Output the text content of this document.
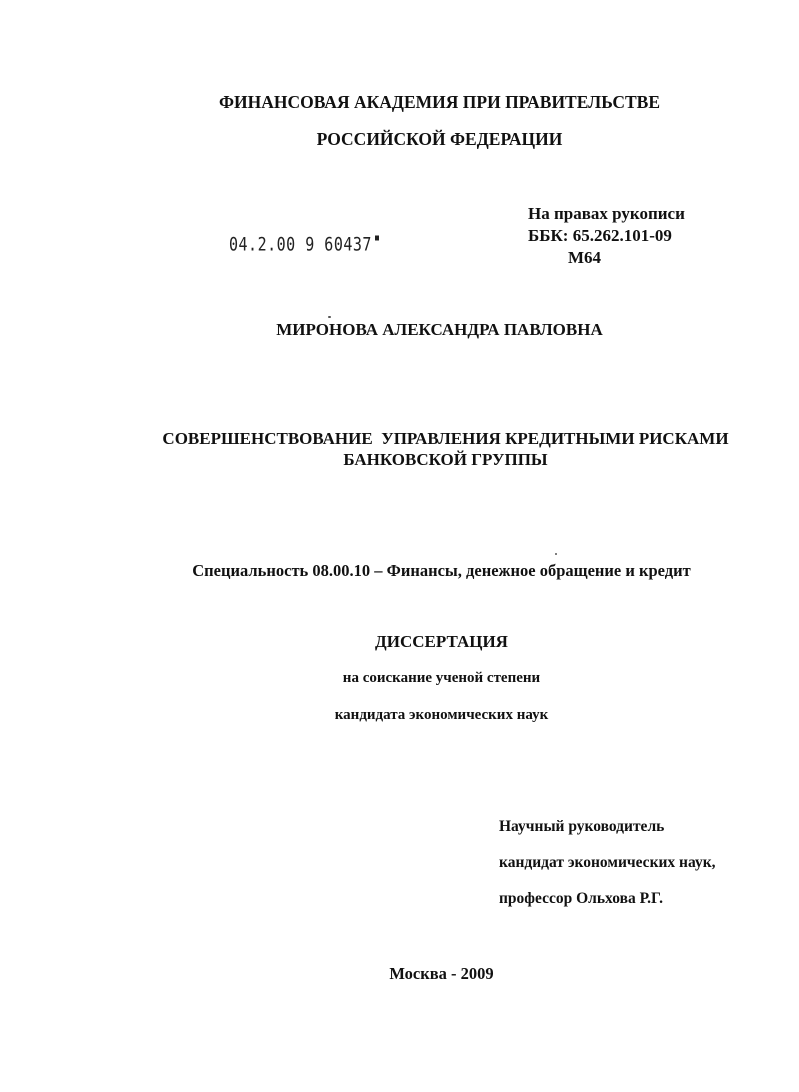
ФИНАНСОВАЯ АКАДЕМИЯ ПРИ ПРАВИТЕЛЬСТВЕ
РОССИЙСКОЙ ФЕДЕРАЦИИ
04.2.00 9 60437
На правах рукописи
ББК: 65.262.101-09
М64
МИРОНОВА АЛЕКСАНДРА ПАВЛОВНА
СОВЕРШЕНСТВОВАНИЕ  УПРАВЛЕНИЯ КРЕДИТНЫМИ РИСКАМИ
БАНКОВСКОЙ ГРУППЫ
Специальность 08.00.10 – Финансы, денежное обращение и кредит
ДИССЕРТАЦИЯ
на соискание ученой степени
кандидата экономических наук
Научный руководитель
кандидат экономических наук,
профессор Ольхова Р.Г.
Москва - 2009
